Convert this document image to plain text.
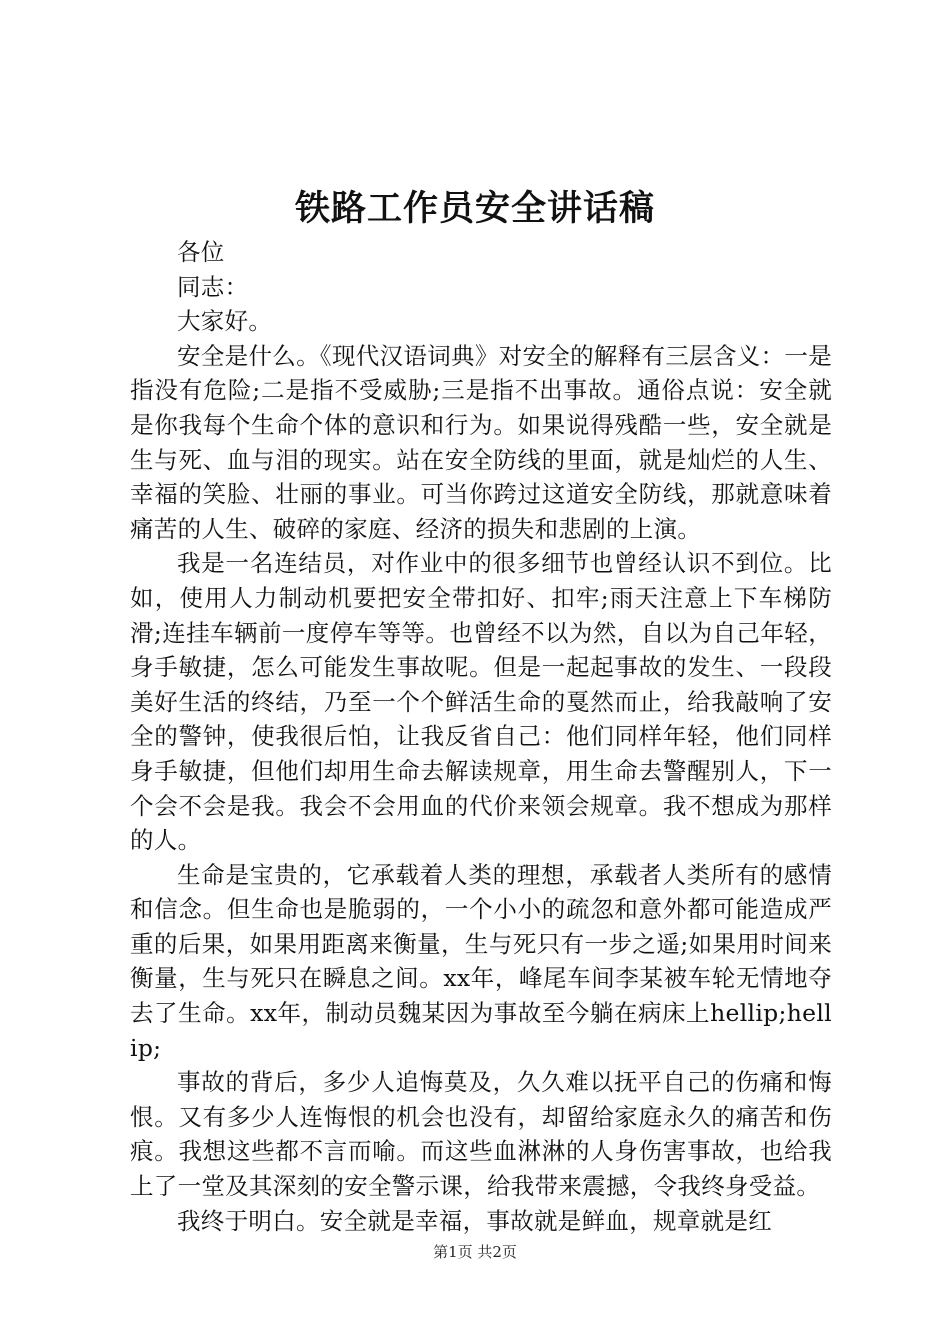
铁路工作员安全讲话稿

各位

同志：

大家好。

安全是什么。《现代汉语词典》对安全的解释有三层含义：一是指没有危险;二是指不受威胁;三是指不出事故。通俗点说：安全就是你我每个生命个体的意识和行为。如果说得残酷一些，安全就是生与死、血与泪的现实。站在安全防线的里面，就是灿烂的人生、幸福的笑脸、壮丽的事业。可当你跨过这道安全防线，那就意味着痛苦的人生、破碎的家庭、经济的损失和悲剧的上演。

我是一名连结员，对作业中的很多细节也曾经认识不到位。比如，使用人力制动机要把安全带扣好、扣牢;雨天注意上下车梯防滑;连挂车辆前一度停车等等。也曾经不以为然，自以为自己年轻，身手敏捷，怎么可能发生事故呢。但是一起起事故的发生、一段段美好生活的终结，乃至一个个鲜活生命的戛然而止，给我敲响了安全的警钟，使我很后怕，让我反省自己：他们同样年轻，他们同样身手敏捷，但他们却用生命去解读规章，用生命去警醒别人，下一个会不会是我。我会不会用血的代价来领会规章。我不想成为那样的人。

生命是宝贵的，它承载着人类的理想，承载者人类所有的感情和信念。但生命也是脆弱的，一个小小的疏忽和意外都可能造成严重的后果，如果用距离来衡量，生与死只有一步之遥;如果用时间来衡量，生与死只在瞬息之间。xx年，峰尾车间李某被车轮无情地夺去了生命。xx年，制动员魏某因为事故至今躺在病床上hellip;hellip;

事故的背后，多少人追悔莫及，久久难以抚平自己的伤痛和悔恨。又有多少人连悔恨的机会也没有，却留给家庭永久的痛苦和伤痕。我想这些都不言而喻。而这些血淋淋的人身伤害事故，也给我上了一堂及其深刻的安全警示课，给我带来震撼，令我终身受益。

我终于明白。安全就是幸福，事故就是鲜血，规章就是红

第1页 共2页
